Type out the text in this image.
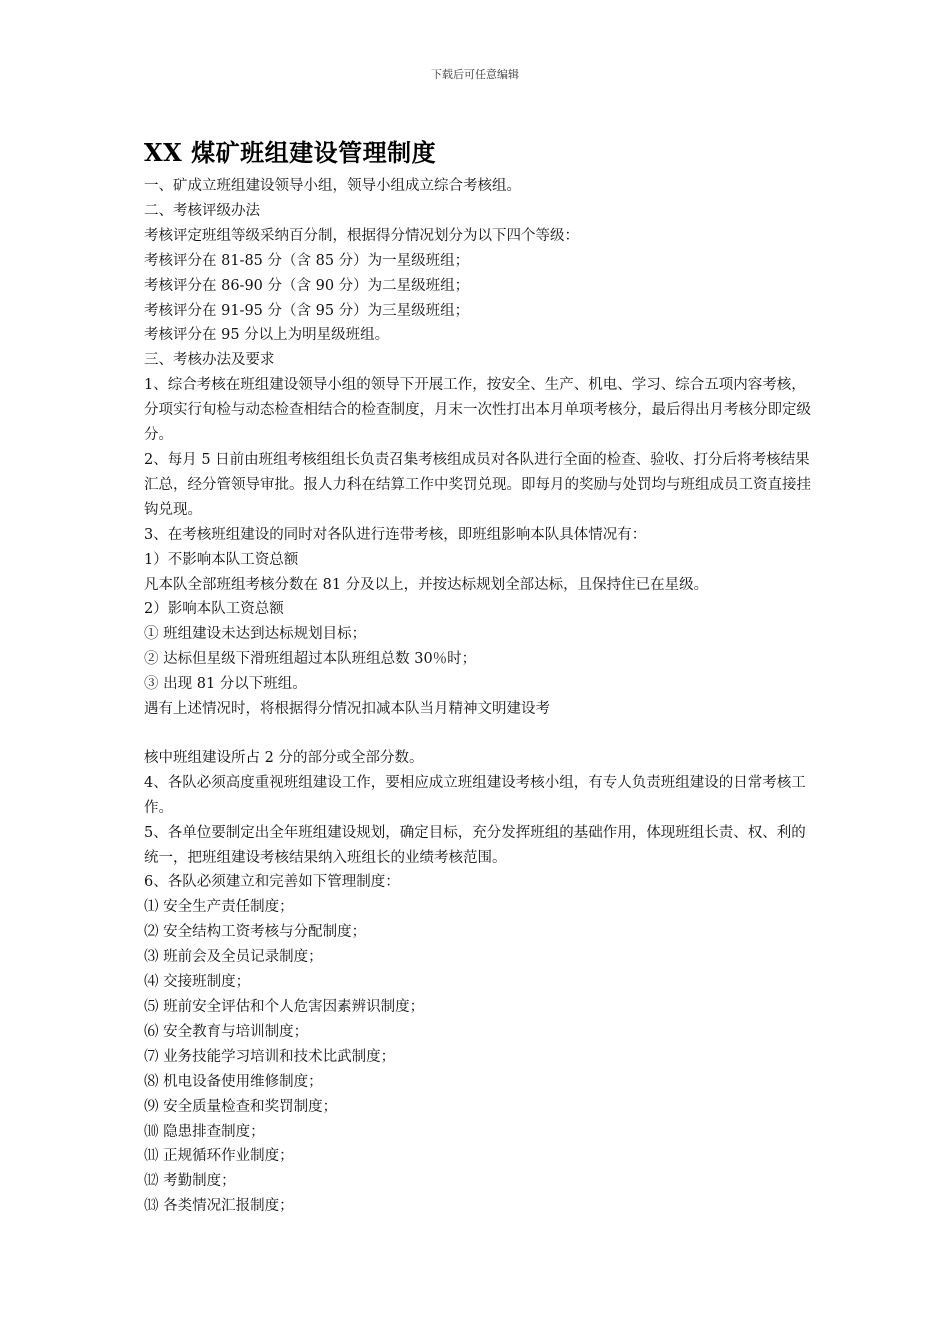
下载后可任意编辑
XX 煤矿班组建设管理制度

一、矿成立班组建设领导小组，领导小组成立综合考核组。

二、考核评级办法

考核评定班组等级采纳百分制，根据得分情况划分为以下四个等级：

考核评分在 81-85 分（含 85 分）为一星级班组；

考核评分在 86-90 分（含 90 分）为二星级班组；

考核评分在 91-95 分（含 95 分）为三星级班组；

考核评分在 95 分以上为明星级班组。

三、考核办法及要求

1、综合考核在班组建设领导小组的领导下开展工作，按安全、生产、机电、学习、综合五项内容考核，分项实行旬检与动态检查相结合的检查制度，月末一次性打出本月单项考核分，最后得出月考核分即定级分。

2、每月 5 日前由班组考核组组长负责召集考核组成员对各队进行全面的检查、验收、打分后将考核结果汇总，经分管领导审批。报人力科在结算工作中奖罚兑现。即每月的奖励与处罚均与班组成员工资直接挂钩兑现。

3、在考核班组建设的同时对各队进行连带考核，即班组影响本队具体情况有：

1）不影响本队工资总额

凡本队全部班组考核分数在 81 分及以上，并按达标规划全部达标，且保持住已在星级。

2）影响本队工资总额

① 班组建设未达到达标规划目标；

② 达标但星级下滑班组超过本队班组总数 30％时；

③ 出现 81 分以下班组。

遇有上述情况时，将根据得分情况扣减本队当月精神文明建设考

核中班组建设所占 2 分的部分或全部分数。

4、各队必须高度重视班组建设工作，要相应成立班组建设考核小组，有专人负责班组建设的日常考核工作。

5、各单位要制定出全年班组建设规划，确定目标，充分发挥班组的基础作用，体现班组长责、权、利的统一，把班组建设考核结果纳入班组长的业绩考核范围。

6、各队必须建立和完善如下管理制度：

⑴ 安全生产责任制度；

⑵ 安全结构工资考核与分配制度；

⑶ 班前会及全员记录制度；

⑷ 交接班制度；

⑸ 班前安全评估和个人危害因素辨识制度；

⑹ 安全教育与培训制度；

⑺ 业务技能学习培训和技术比武制度；

⑻ 机电设备使用维修制度；

⑼ 安全质量检查和奖罚制度；

⑽ 隐患排查制度；

⑾ 正规循环作业制度；

⑿ 考勤制度；

⒀ 各类情况汇报制度；
